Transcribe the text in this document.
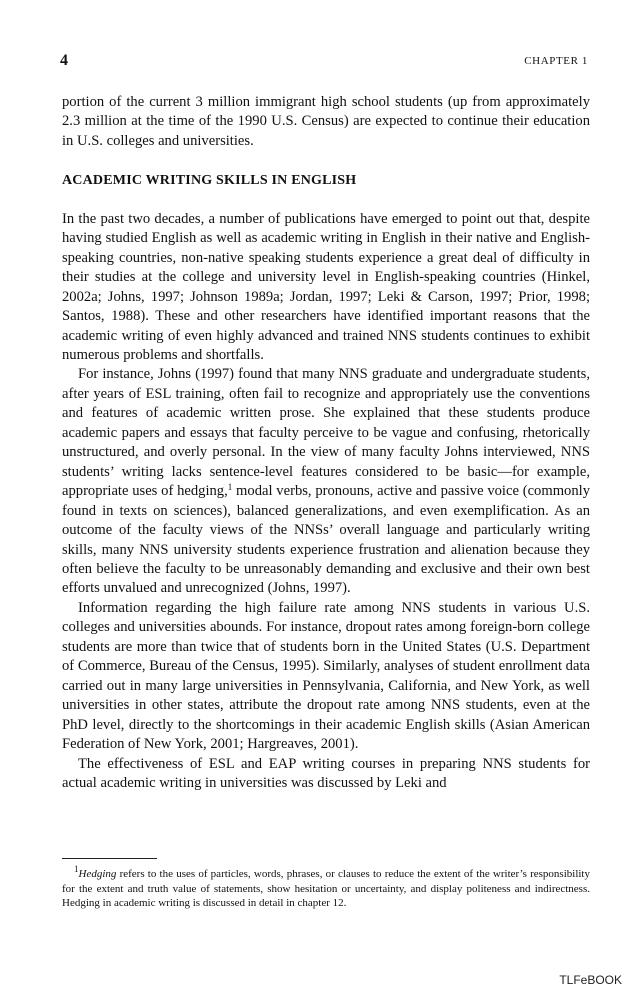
4	CHAPTER 1

portion of the current 3 million immigrant high school students (up from approximately 2.3 million at the time of the 1990 U.S. Census) are expected to continue their education in U.S. colleges and universities.

ACADEMIC WRITING SKILLS IN ENGLISH

In the past two decades, a number of publications have emerged to point out that, despite having studied English as well as academic writing in English in their native and English-speaking countries, non-native speaking students experience a great deal of difficulty in their studies at the college and university level in English-speaking countries (Hinkel, 2002a; Johns, 1997; Johnson 1989a; Jordan, 1997; Leki & Carson, 1997; Prior, 1998; Santos, 1988). These and other researchers have identified important reasons that the academic writing of even highly advanced and trained NNS students continues to exhibit numerous problems and shortfalls.

For instance, Johns (1997) found that many NNS graduate and undergraduate students, after years of ESL training, often fail to recognize and appropriately use the conventions and features of academic written prose. She explained that these students produce academic papers and essays that faculty perceive to be vague and confusing, rhetorically unstructured, and overly personal. In the view of many faculty Johns interviewed, NNS students’ writing lacks sentence-level features considered to be basic—for example, appropriate uses of hedging,$^1$ modal verbs, pronouns, active and passive voice (commonly found in texts on sciences), balanced generalizations, and even exemplification. As an outcome of the faculty views of the NNSs’ overall language and particularly writing skills, many NNS university students experience frustration and alienation because they often believe the faculty to be unreasonably demanding and exclusive and their own best efforts unvalued and unrecognized (Johns, 1997).

Information regarding the high failure rate among NNS students in various U.S. colleges and universities abounds. For instance, dropout rates among foreign-born college students are more than twice that of students born in the United States (U.S. Department of Commerce, Bureau of the Census, 1995). Similarly, analyses of student enrollment data carried out in many large universities in Pennsylvania, California, and New York, as well universities in other states, attribute the dropout rate among NNS students, even at the PhD level, directly to the shortcomings in their academic English skills (Asian American Federation of New York, 2001; Hargreaves, 2001).

The effectiveness of ESL and EAP writing courses in preparing NNS students for actual academic writing in universities was discussed by Leki and

$^1$Hedging refers to the uses of particles, words, phrases, or clauses to reduce the extent of the writer’s responsibility for the extent and truth value of statements, show hesitation or uncertainty, and display politeness and indirectness. Hedging in academic writing is discussed in detail in chapter 12.
TLFeBOOK
